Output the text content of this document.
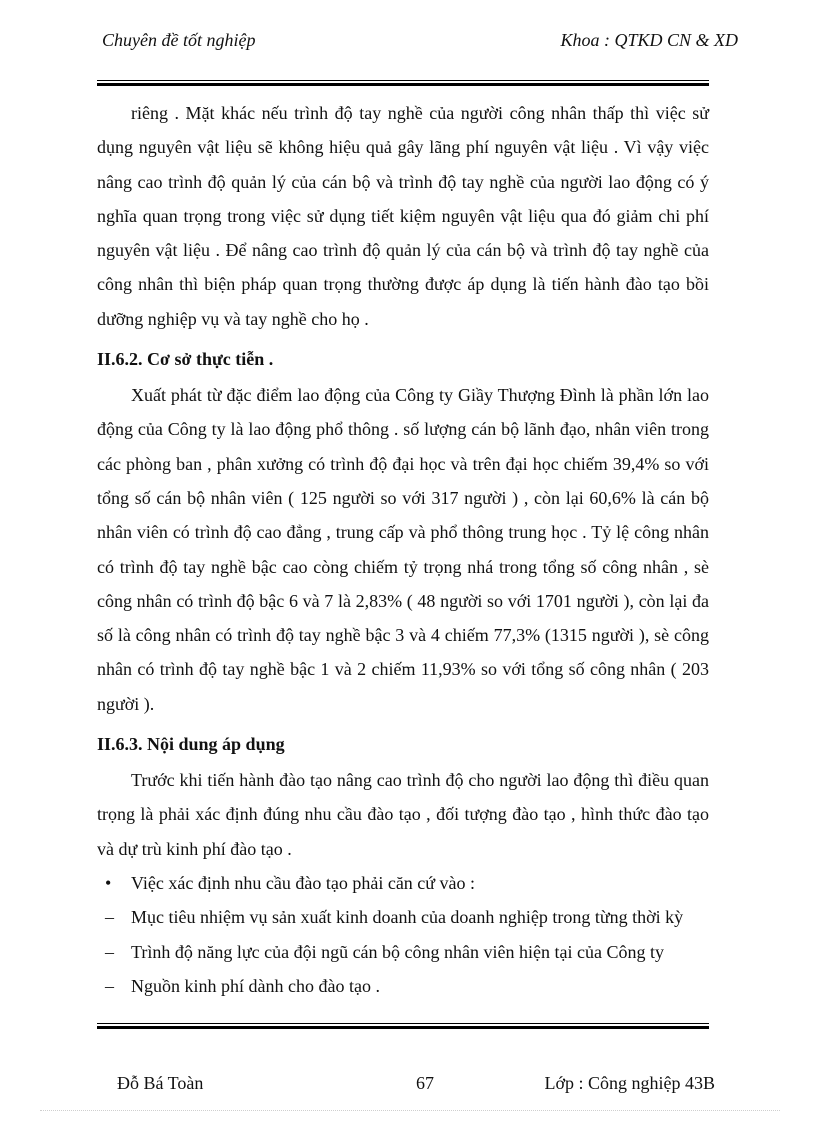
Chuyên đề tốt nghiệp	Khoa : QTKD CN & XD

riêng . Mặt khác nếu trình độ tay nghề của người công nhân thấp thì việc sử dụng nguyên vật liệu sẽ không hiệu quả gây lãng phí nguyên vật liệu . Vì vậy việc nâng cao trình độ quản lý của cán bộ và trình độ tay nghề của người lao động có ý nghĩa quan trọng trong việc sử dụng tiết kiệm nguyên vật liệu qua đó giảm chi phí nguyên vật liệu . Để nâng cao trình độ quản lý của cán bộ và trình độ tay nghề của công nhân thì biện pháp quan trọng thường được áp dụng là tiến hành đào tạo bồi dưỡng nghiệp vụ và tay nghề cho họ .

II.6.2. Cơ sở thực tiễn .

Xuất phát từ đặc điểm lao động của Công ty Giầy Thượng Đình là phần lớn lao động của Công ty là lao động phổ thông . số lượng cán bộ lãnh đạo, nhân viên trong các phòng ban , phân xưởng có trình độ đại học và trên đại học chiếm 39,4% so với tổng số cán bộ nhân viên ( 125 người so với 317 người ) , còn lại 60,6% là cán bộ nhân viên có trình độ cao đẳng , trung cấp và phổ thông trung học . Tỷ lệ công nhân có trình độ tay nghề bậc cao còng chiếm tỷ trọng nhá trong tổng số công nhân , sè công nhân có trình độ bậc 6 và 7 là 2,83% ( 48 người so với 1701 người ), còn lại đa số là công nhân có trình độ tay nghề bậc 3 và 4 chiếm 77,3% (1315 người ), sè công nhân có trình độ tay nghề bậc 1 và 2 chiếm 11,93% so với tổng số công nhân ( 203 người ).

II.6.3. Nội dung áp dụng

Trước khi tiến hành đào tạo nâng cao trình độ cho người lao động thì điều quan trọng là phải xác định đúng nhu cầu đào tạo , đối tượng đào tạo , hình thức đào tạo và dự trù kinh phí đào tạo .

• Việc xác định nhu cầu đào tạo phải căn cứ vào :
– Mục tiêu nhiệm vụ sản xuất kinh doanh của doanh nghiệp trong từng thời kỳ
– Trình độ năng lực của đội ngũ cán bộ công nhân viên hiện tại của Công ty
– Nguồn kinh phí dành cho đào tạo .
Đỗ Bá Toàn	67	Lớp : Công nghiệp 43B
